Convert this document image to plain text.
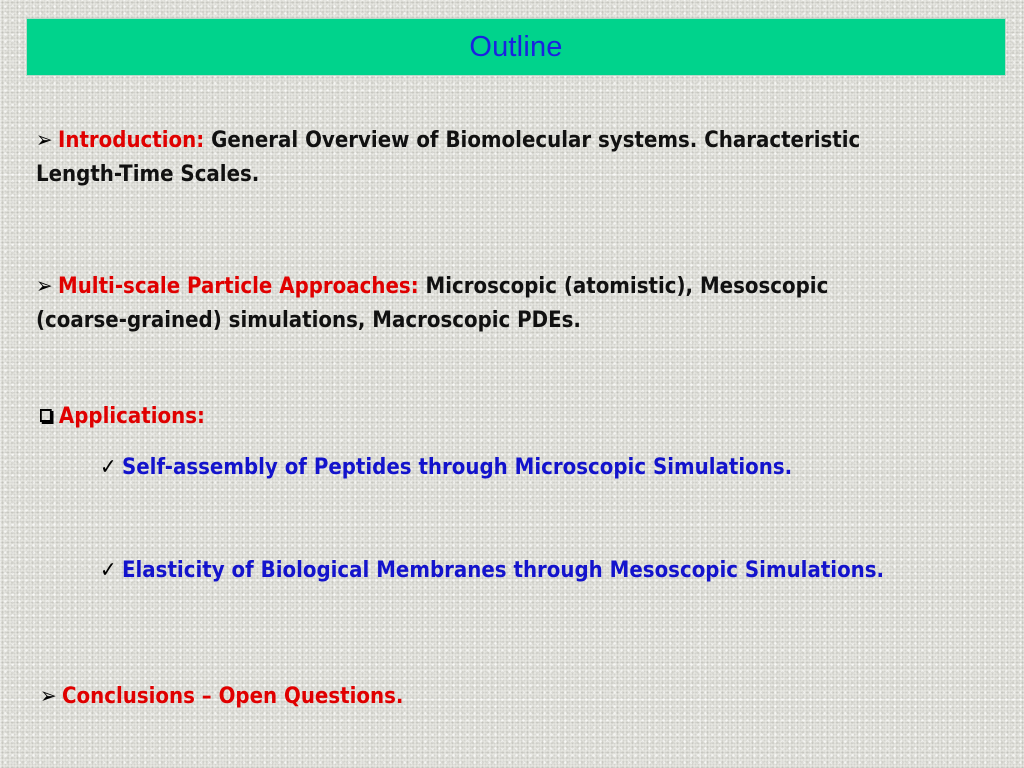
Outline
➢ Introduction: General Overview of Biomolecular systems. Characteristic
Length-Time Scales.
➢ Multi-scale Particle Approaches: Microscopic (atomistic), Mesoscopic
(coarse-grained) simulations, Macroscopic PDEs.
Applications:
✓ Self-assembly of Peptides through Microscopic Simulations.
✓ Elasticity of Biological Membranes through Mesoscopic Simulations.
➢ Conclusions – Open Questions.
